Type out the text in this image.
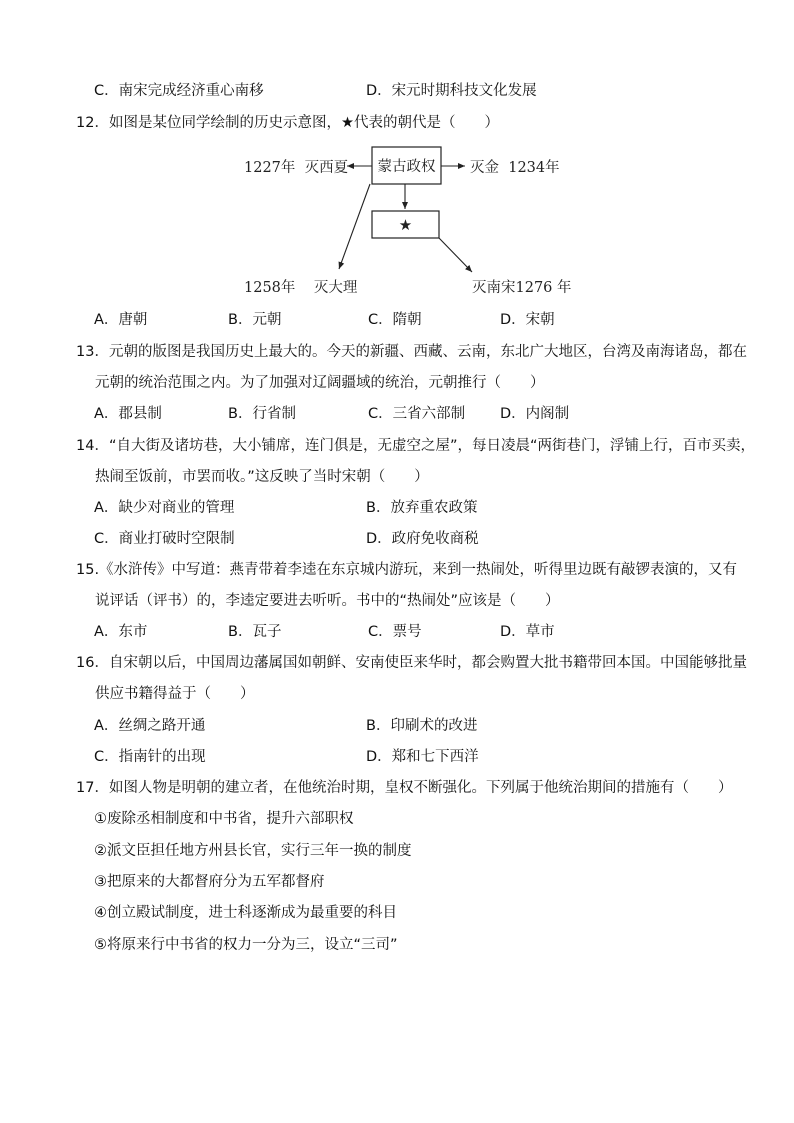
C．南宋完成经济重心南移	D．宋元时期科技文化发展
12．如图是某位同学绘制的历史示意图，★代表的朝代是（　　）
蒙古政权
★
1227年  灭西夏	灭金  1234年
1258年    灭大理	灭南宋1276 年
A．唐朝	B．元朝	C．隋朝	D．宋朝
13．元朝的版图是我国历史上最大的。今天的新疆、西藏、云南，东北广大地区，台湾及南海诸岛，都在
元朝的统治范围之内。为了加强对辽阔疆域的统治，元朝推行（　　）
A．郡县制	B．行省制	C．三省六部制 D．内阁制
14．“自大街及诸坊巷，大小铺席，连门俱是，无虚空之屋”，每日凌晨“两街巷门，浮铺上行，百市买卖，
热闹至饭前，市罢而收。”这反映了当时宋朝（　　）
A．缺少对商业的管理	B．放弃重农政策
C．商业打破时空限制	D．政府免收商税
15.《水浒传》中写道：燕青带着李逵在东京城内游玩，来到一热闹处，听得里边既有敲锣表演的，又有
说评话（评书）的，李逵定要进去听听。书中的“热闹处”应该是（　　）
A．东市	B．瓦子	C．票号	D．草市
16．自宋朝以后，中国周边藩属国如朝鲜、安南使臣来华时，都会购置大批书籍带回本国。中国能够批量
供应书籍得益于（　　）
A．丝绸之路开通	B．印刷术的改进
C．指南针的出现	D．郑和七下西洋
17．如图人物是明朝的建立者，在他统治时期，皇权不断强化。下列属于他统治期间的措施有（　　）
①废除丞相制度和中书省，提升六部职权
②派文臣担任地方州县长官，实行三年一换的制度
③把原来的大都督府分为五军都督府
④创立殿试制度，进士科逐渐成为最重要的科目
⑤将原来行中书省的权力一分为三，设立“三司”
